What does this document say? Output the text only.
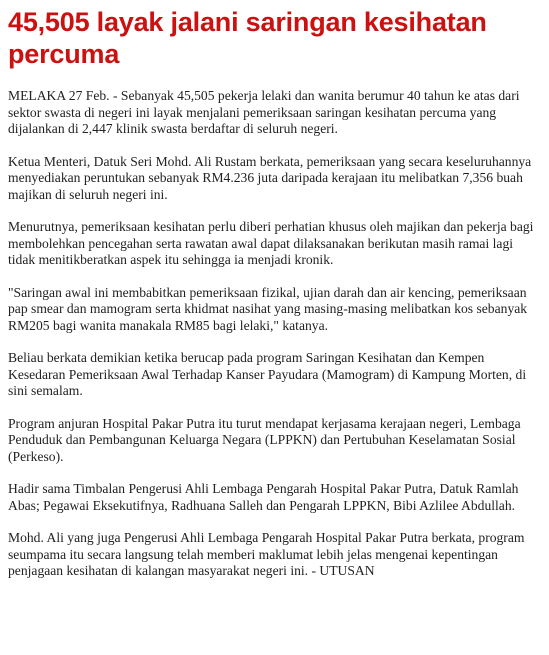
45,505 layak jalani saringan kesihatan percuma

MELAKA 27 Feb. - Sebanyak 45,505 pekerja lelaki dan wanita berumur 40 tahun ke atas dari sektor swasta di negeri ini layak menjalani pemeriksaan saringan kesihatan percuma yang dijalankan di 2,447 klinik swasta berdaftar di seluruh negeri.

Ketua Menteri, Datuk Seri Mohd. Ali Rustam berkata, pemeriksaan yang secara keseluruhannya menyediakan peruntukan sebanyak RM4.236 juta daripada kerajaan itu melibatkan 7,356 buah majikan di seluruh negeri ini.

Menurutnya, pemeriksaan kesihatan perlu diberi perhatian khusus oleh majikan dan pekerja bagi membolehkan pencegahan serta rawatan awal dapat dilaksanakan berikutan masih ramai lagi tidak menitikberatkan aspek itu sehingga ia menjadi kronik.

"Saringan awal ini membabitkan pemeriksaan fizikal, ujian darah dan air kencing, pemeriksaan pap smear dan mamogram serta khidmat nasihat yang masing-masing melibatkan kos sebanyak RM205 bagi wanita manakala RM85 bagi lelaki," katanya.

Beliau berkata demikian ketika berucap pada program Saringan Kesihatan dan Kempen Kesedaran Pemeriksaan Awal Terhadap Kanser Payudara (Mamogram) di Kampung Morten, di sini semalam.

Program anjuran Hospital Pakar Putra itu turut mendapat kerjasama kerajaan negeri, Lembaga Penduduk dan Pembangunan Keluarga Negara (LPPKN) dan Pertubuhan Keselamatan Sosial (Perkeso).

Hadir sama Timbalan Pengerusi Ahli Lembaga Pengarah Hospital Pakar Putra, Datuk Ramlah Abas; Pegawai Eksekutifnya, Radhuana Salleh dan Pengarah LPPKN, Bibi Azlilee Abdullah.

Mohd. Ali yang juga Pengerusi Ahli Lembaga Pengarah Hospital Pakar Putra berkata, program seumpama itu secara langsung telah memberi maklumat lebih jelas mengenai kepentingan penjagaan kesihatan di kalangan masyarakat negeri ini. - UTUSAN
